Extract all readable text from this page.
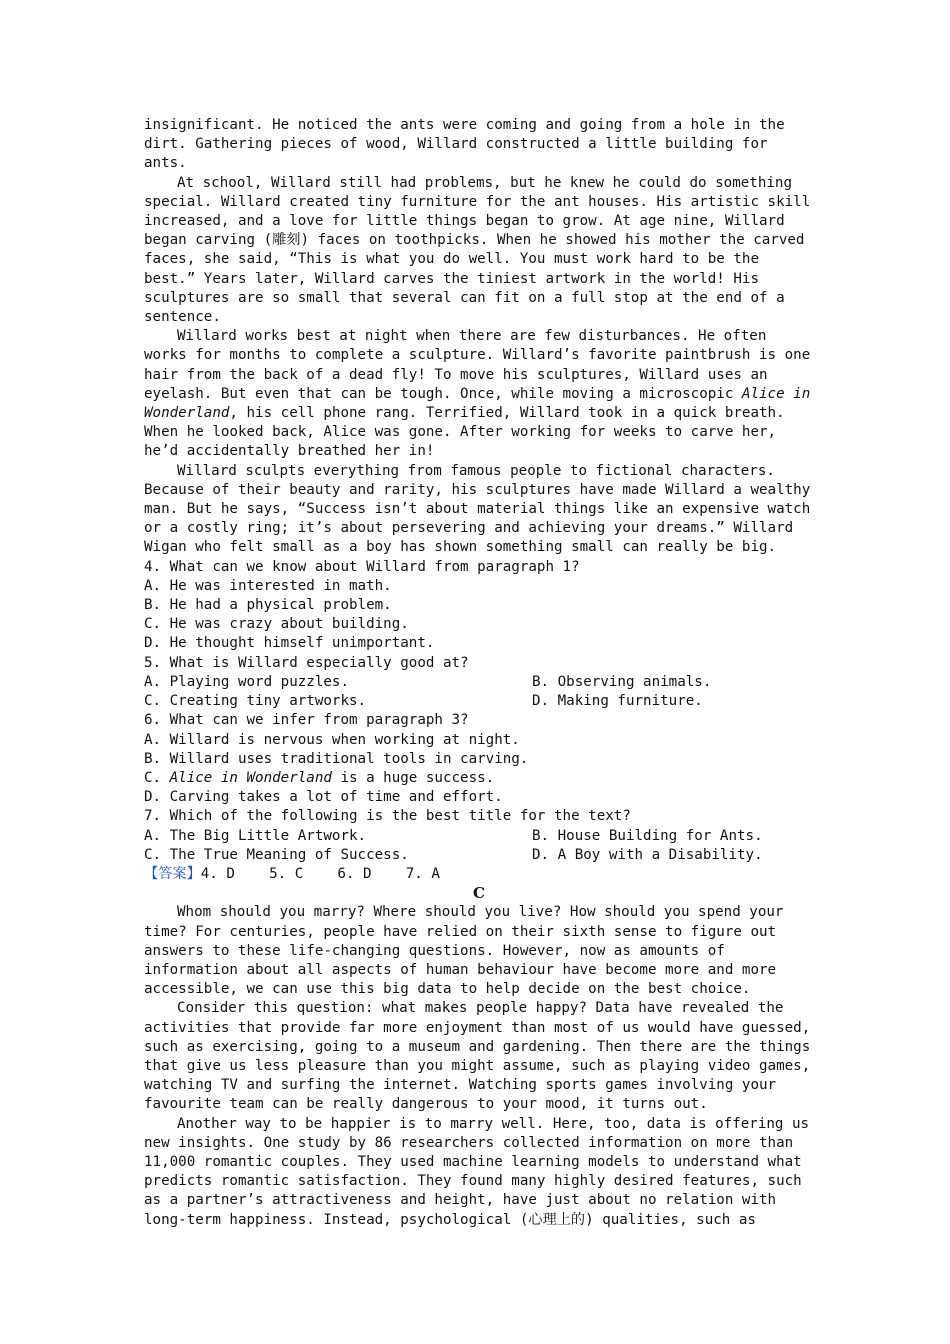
insignificant. He noticed the ants were coming and going from a hole in the dirt. Gathering pieces of wood, Willard constructed a little building for ants.

At school, Willard still had problems, but he knew he could do something special. Willard created tiny furniture for the ant houses. His artistic skill increased, and a love for little things began to grow. At age nine, Willard began carving (雕刻) faces on toothpicks. When he showed his mother the carved faces, she said, “This is what you do well. You must work hard to be the best.” Years later, Willard carves the tiniest artwork in the world! His sculptures are so small that several can fit on a full stop at the end of a sentence.

Willard works best at night when there are few disturbances. He often works for months to complete a sculpture. Willard’s favorite paintbrush is one hair from the back of a dead fly! To move his sculptures, Willard uses an eyelash. But even that can be tough. Once, while moving a microscopic Alice in Wonderland, his cell phone rang. Terrified, Willard took in a quick breath. When he looked back, Alice was gone. After working for weeks to carve her, he’d accidentally breathed her in!

Willard sculpts everything from famous people to fictional characters. Because of their beauty and rarity, his sculptures have made Willard a wealthy man. But he says, “Success isn’t about material things like an expensive watch or a costly ring; it’s about persevering and achieving your dreams.” Willard Wigan who felt small as a boy has shown something small can really be big.

4. What can we know about Willard from paragraph 1?

A. He was interested in math.

B. He had a physical problem.

C. He was crazy about building.

D. He thought himself unimportant.

5. What is Willard especially good at?

A. Playing word puzzles.	B. Observing animals.
C. Creating tiny artworks.	D. Making furniture.

6. What can we infer from paragraph 3?

A. Willard is nervous when working at night.

B. Willard uses traditional tools in carving.

C. Alice in Wonderland is a huge success.

D. Carving takes a lot of time and effort.

7. Which of the following is the best title for the text?

A. The Big Little Artwork.	B. House Building for Ants.
C. The True Meaning of Success.	D. A Boy with a Disability.

【答案】4. D    5. C    6. D    7. A

C

Whom should you marry? Where should you live? How should you spend your time? For centuries, people have relied on their sixth sense to figure out answers to these life-changing questions. However, now as amounts of information about all aspects of human behaviour have become more and more accessible, we can use this big data to help decide on the best choice.

Consider this question: what makes people happy? Data have revealed the activities that provide far more enjoyment than most of us would have guessed, such as exercising, going to a museum and gardening. Then there are the things that give us less pleasure than you might assume, such as playing video games, watching TV and surfing the internet. Watching sports games involving your favourite team can be really dangerous to your mood, it turns out.

Another way to be happier is to marry well. Here, too, data is offering us new insights. One study by 86 researchers collected information on more than 11,000 romantic couples. They used machine learning models to understand what predicts romantic satisfaction. They found many highly desired features, such as a partner’s attractiveness and height, have just about no relation with long-term happiness. Instead, psychological (心理上的) qualities, such as
